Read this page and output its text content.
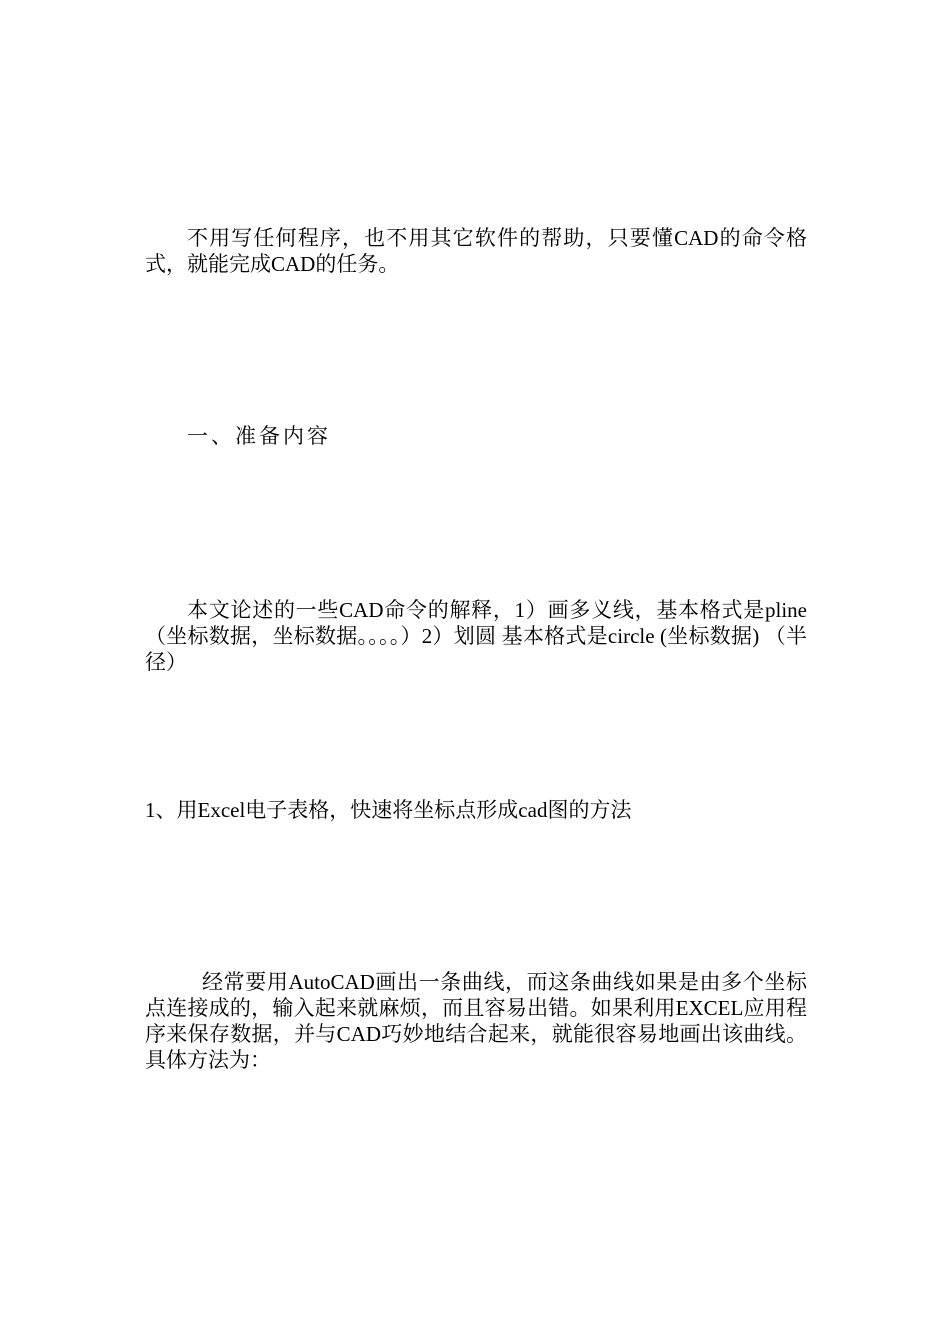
不用写任何程序，也不用其它软件的帮助，只要懂CAD的命令格式，就能完成CAD的任务。

一、准备内容

本文论述的一些CAD命令的解释，1）画多义线，基本格式是pline（坐标数据，坐标数据。。。。）2）划圆 基本格式是circle (坐标数据) （半径）

1、用Excel电子表格，快速将坐标点形成cad图的方法

经常要用AutoCAD画出一条曲线，而这条曲线如果是由多个坐标点连接成的，输入起来就麻烦，而且容易出错。如果利用EXCEL应用程序来保存数据，并与CAD巧妙地结合起来，就能很容易地画出该曲线。具体方法为：
